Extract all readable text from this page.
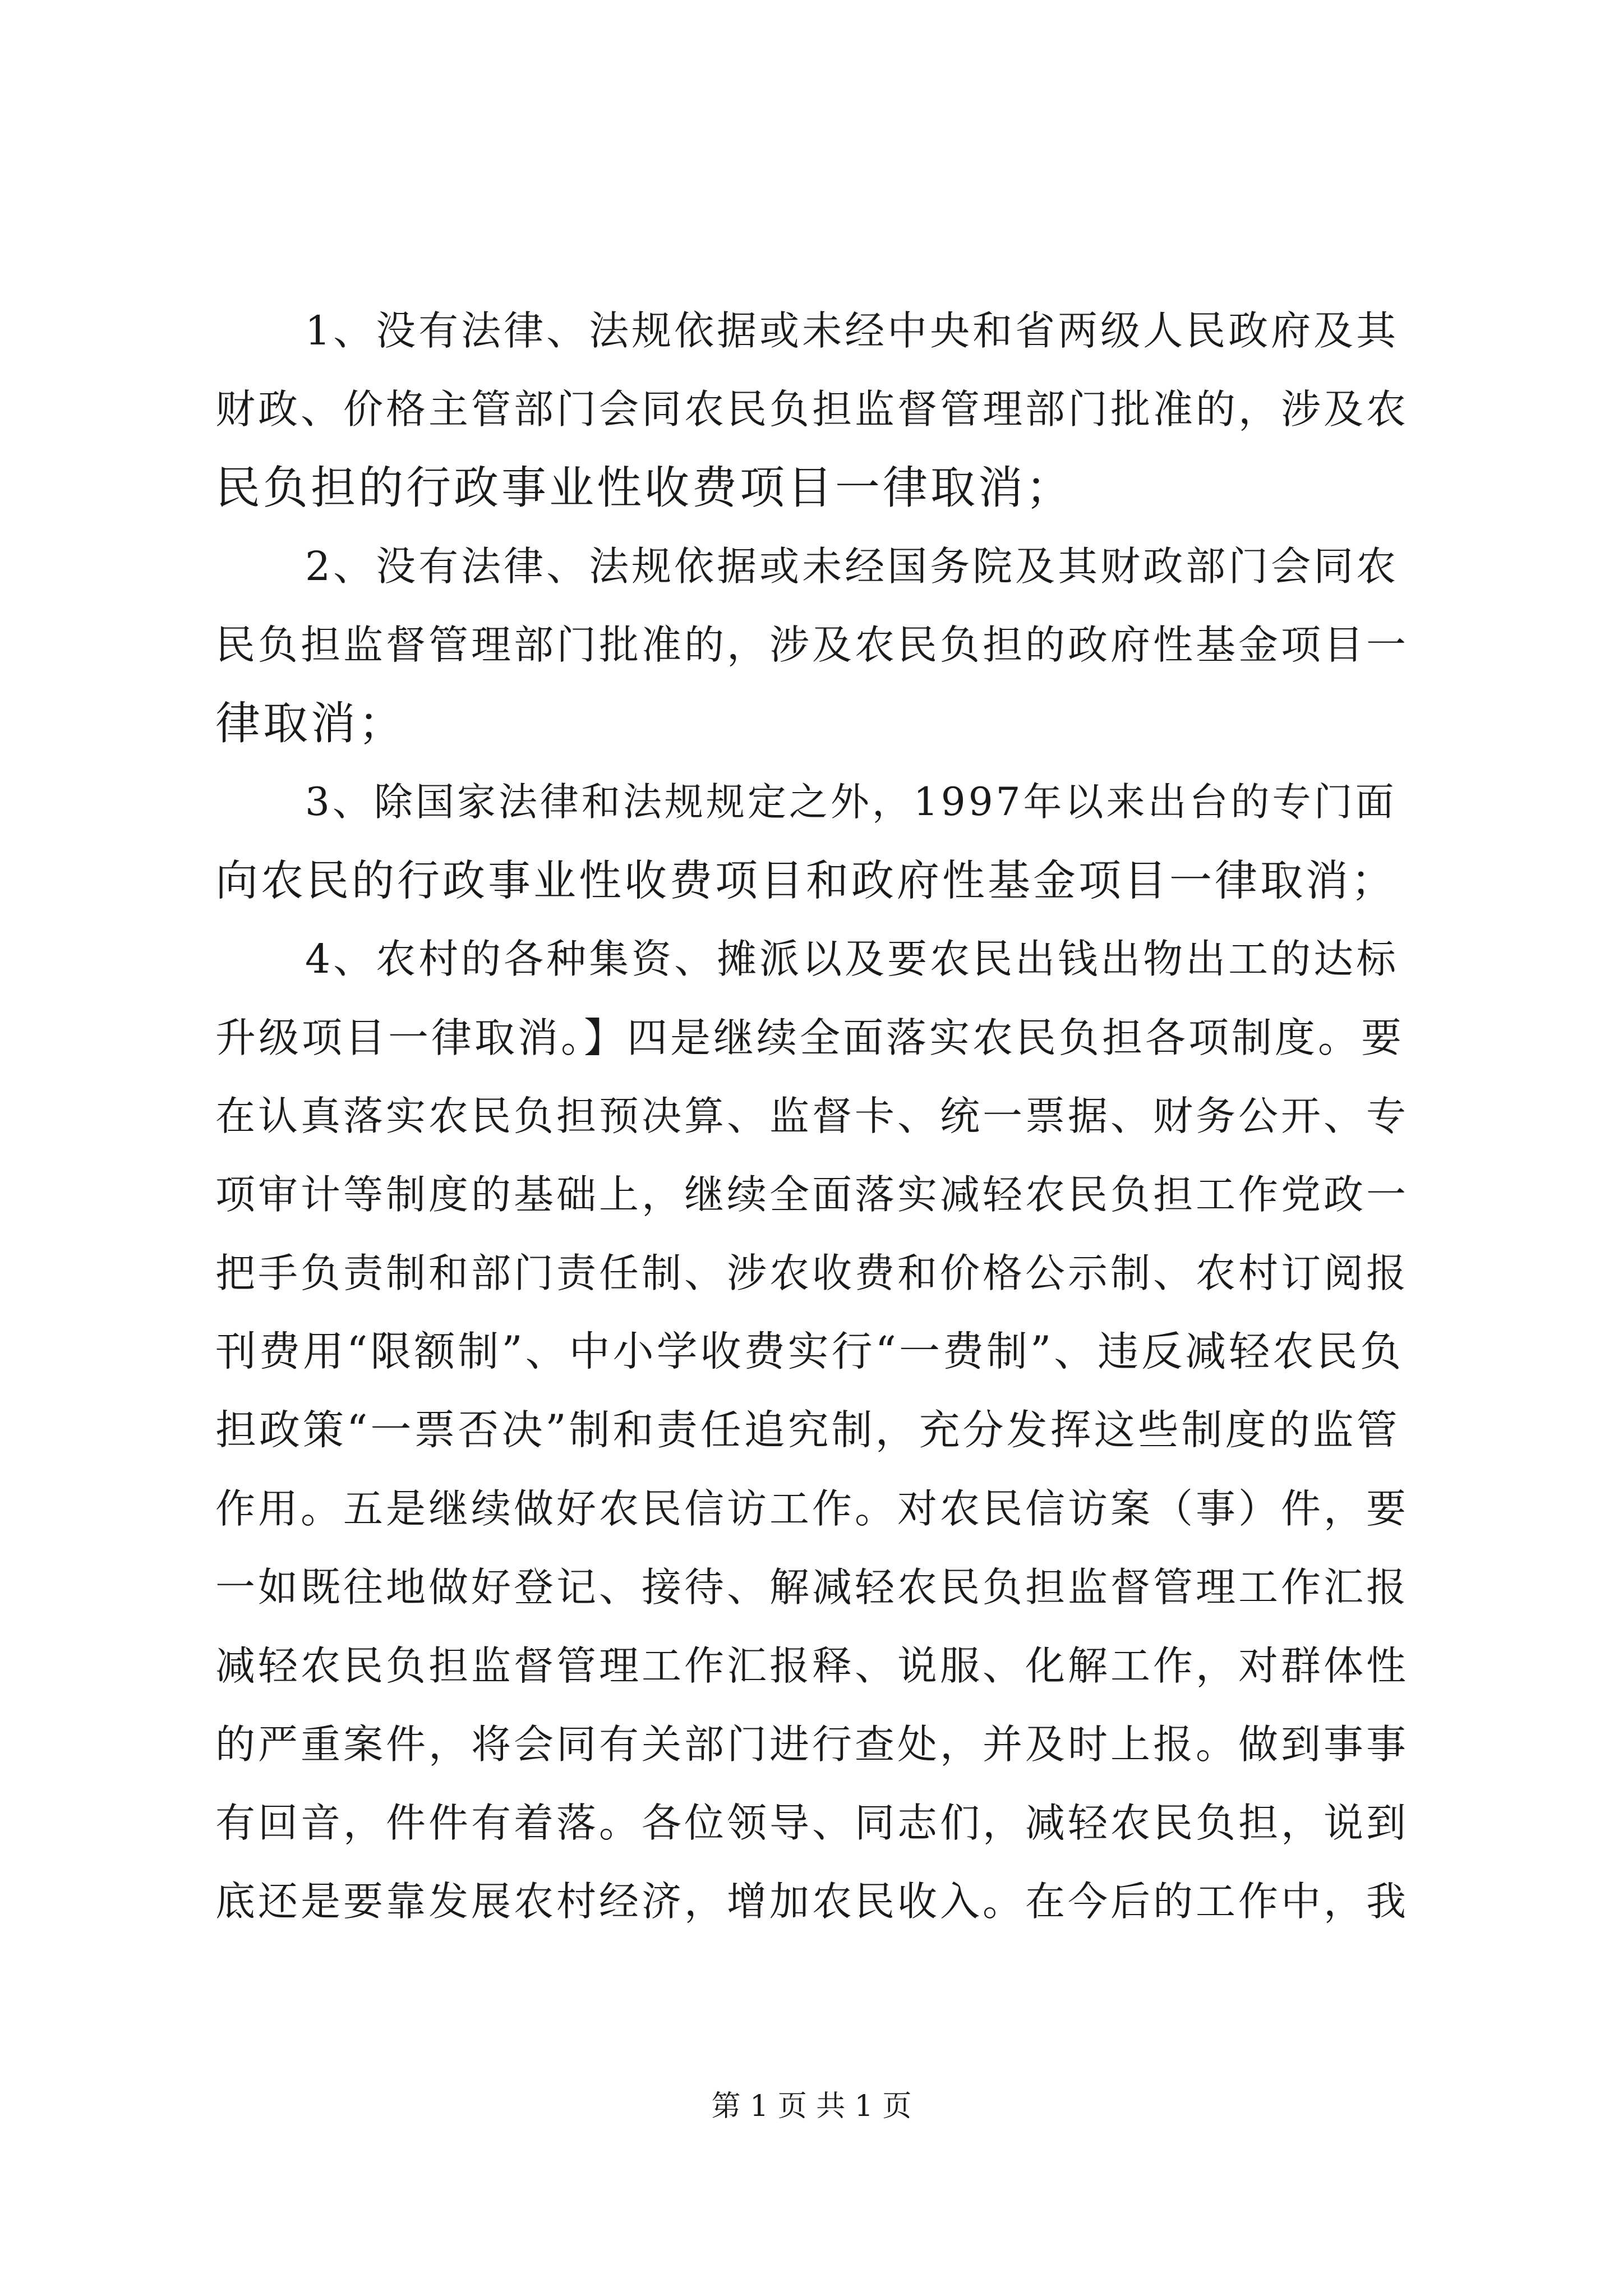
1、没有法律、法规依据或未经中央和省两级人民政府及其
财政、价格主管部门会同农民负担监督管理部门批准的，涉及农
民负担的行政事业性收费项目一律取消；
2、没有法律、法规依据或未经国务院及其财政部门会同农
民负担监督管理部门批准的，涉及农民负担的政府性基金项目一
律取消；
3、除国家法律和法规规定之外，1997年以来出台的专门面
向农民的行政事业性收费项目和政府性基金项目一律取消；
4、农村的各种集资、摊派以及要农民出钱出物出工的达标
升级项目一律取消。】四是继续全面落实农民负担各项制度。要
在认真落实农民负担预决算、监督卡、统一票据、财务公开、专
项审计等制度的基础上，继续全面落实减轻农民负担工作党政一
把手负责制和部门责任制、涉农收费和价格公示制、农村订阅报
刊费用“限额制”、中小学收费实行“一费制”、违反减轻农民负
担政策“一票否决”制和责任追究制，充分发挥这些制度的监管
作用。五是继续做好农民信访工作。对农民信访案（事）件，要
一如既往地做好登记、接待、解减轻农民负担监督管理工作汇报
减轻农民负担监督管理工作汇报释、说服、化解工作，对群体性
的严重案件，将会同有关部门进行查处，并及时上报。做到事事
有回音，件件有着落。各位领导、同志们，减轻农民负担，说到
底还是要靠发展农村经济，增加农民收入。在今后的工作中，我
第 1 页 共 1 页
